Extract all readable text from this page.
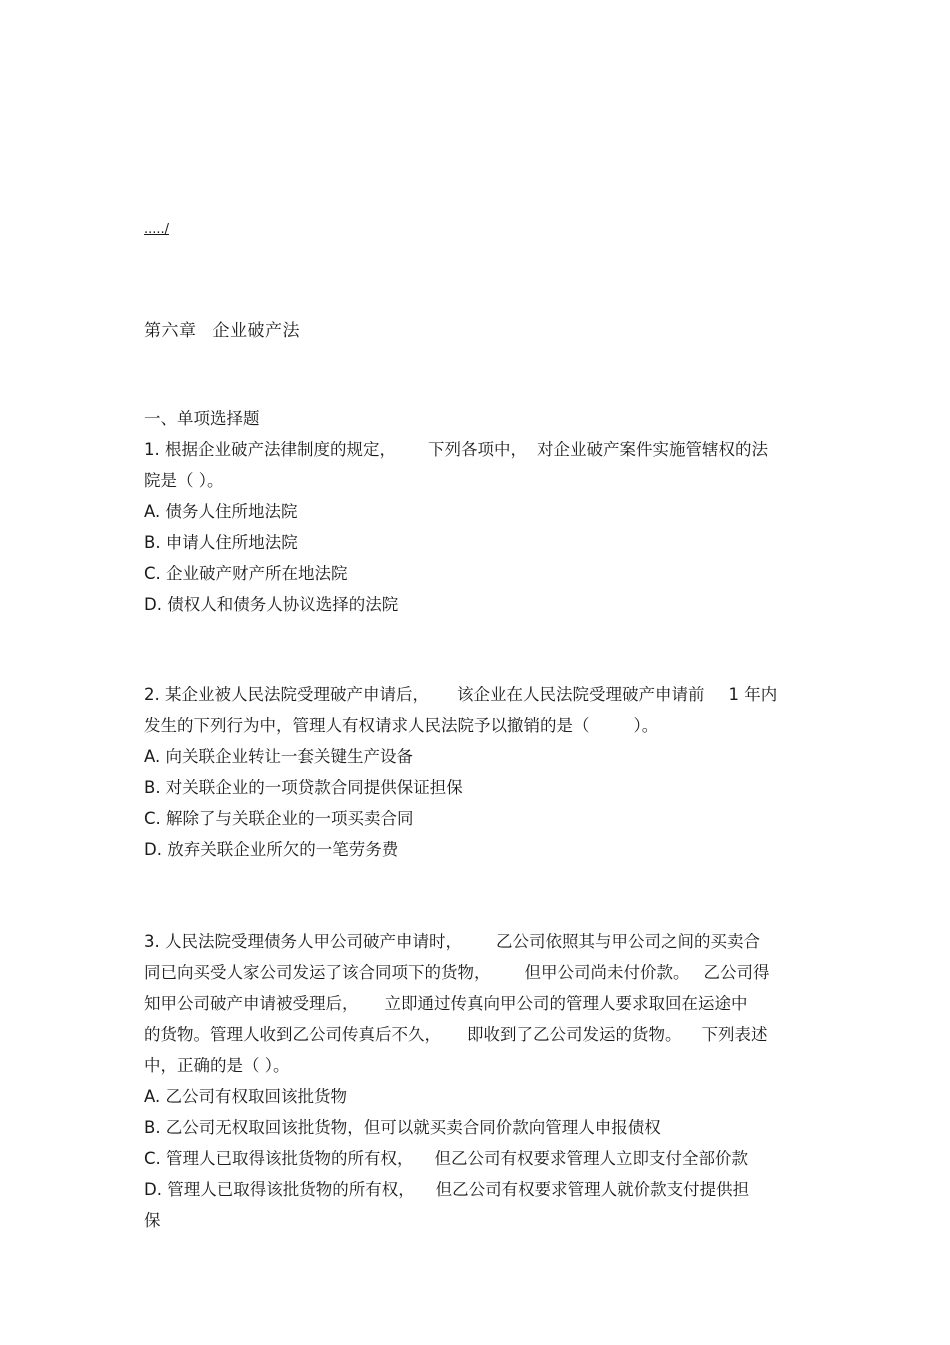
...../
第六章 企业破产法
一、单项选择题
1. 根据企业破产法律制度的规定， 下列各项中， 对企业破产案件实施管辖权的法
院是（ ）。
A. 债务人住所地法院
B. 申请人住所地法院
C. 企业破产财产所在地法院
D. 债权人和债务人协议选择的法院
2. 某企业被人民法院受理破产申请后， 该企业在人民法院受理破产申请前 1 年内
发生的下列行为中，管理人有权请求人民法院予以撤销的是（	）。
A. 向关联企业转让一套关键生产设备
B. 对关联企业的一项贷款合同提供保证担保
C. 解除了与关联企业的一项买卖合同
D. 放弃关联企业所欠的一笔劳务费
3. 人民法院受理债务人甲公司破产申请时， 乙公司依照其与甲公司之间的买卖合
同已向买受人家公司发运了该合同项下的货物， 但甲公司尚未付价款。 乙公司得
知甲公司破产申请被受理后， 立即通过传真向甲公司的管理人要求取回在运途中
的货物。管理人收到乙公司传真后不久， 即收到了乙公司发运的货物。 下列表述
中，正确的是（ ）。
A. 乙公司有权取回该批货物
B. 乙公司无权取回该批货物，但可以就买卖合同价款向管理人申报债权
C. 管理人已取得该批货物的所有权，    但乙公司有权要求管理人立即支付全部价款
D. 管理人已取得该批货物的所有权，    但乙公司有权要求管理人就价款支付提供担
保
